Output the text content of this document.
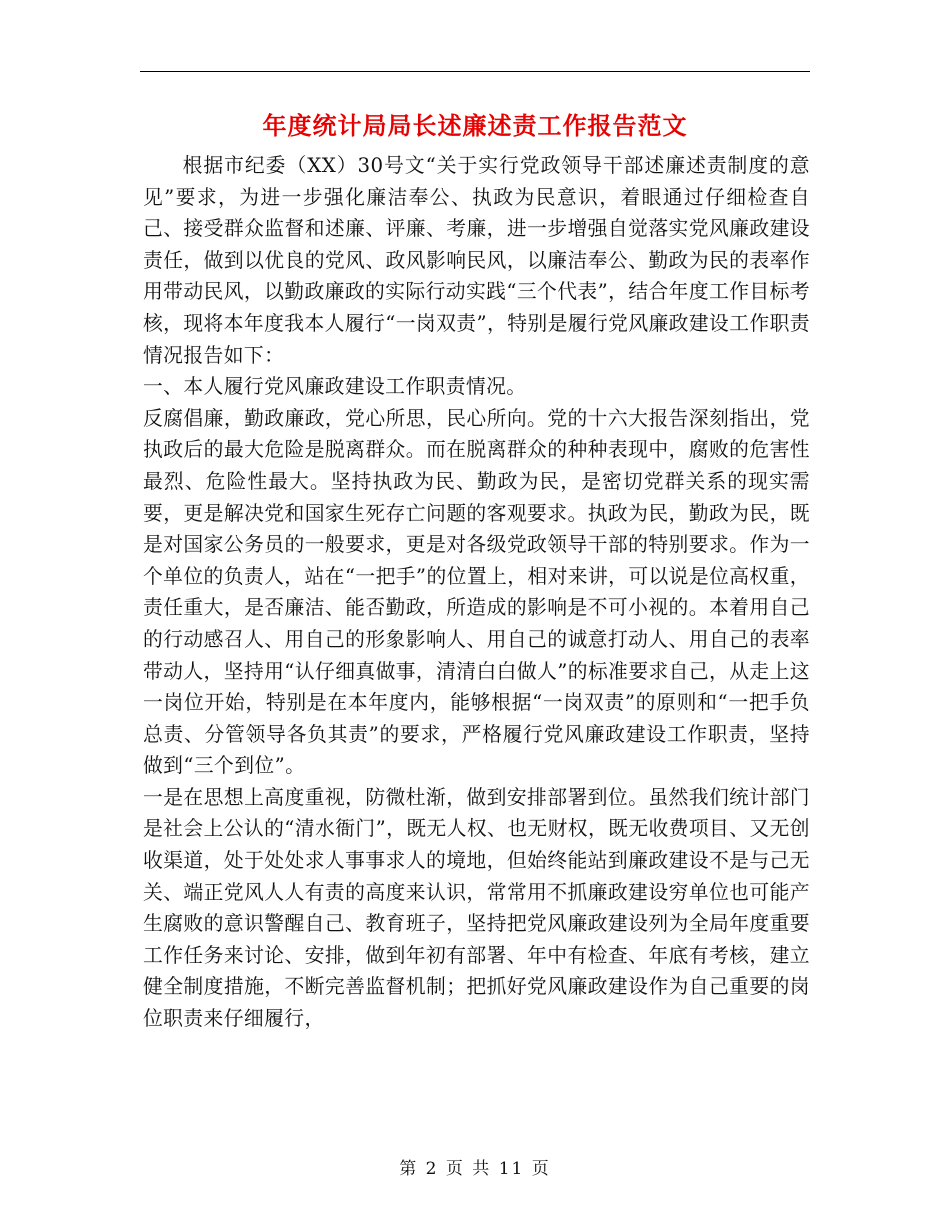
年度统计局局长述廉述责工作报告范文

根据市纪委（XX）30号文“关于实行党政领导干部述廉述责制度的意见”要求，为进一步强化廉洁奉公、执政为民意识，着眼通过仔细检查自己、接受群众监督和述廉、评廉、考廉，进一步增强自觉落实党风廉政建设责任，做到以优良的党风、政风影响民风，以廉洁奉公、勤政为民的表率作用带动民风，以勤政廉政的实际行动实践“三个代表”，结合年度工作目标考核，现将本年度我本人履行“一岗双责”，特别是履行党风廉政建设工作职责情况报告如下：

一、本人履行党风廉政建设工作职责情况。

反腐倡廉，勤政廉政，党心所思，民心所向。党的十六大报告深刻指出，党执政后的最大危险是脱离群众。而在脱离群众的种种表现中，腐败的危害性最烈、危险性最大。坚持执政为民、勤政为民，是密切党群关系的现实需要，更是解决党和国家生死存亡问题的客观要求。执政为民，勤政为民，既是对国家公务员的一般要求，更是对各级党政领导干部的特别要求。作为一个单位的负责人，站在“一把手”的位置上，相对来讲，可以说是位高权重，责任重大，是否廉洁、能否勤政，所造成的影响是不可小视的。本着用自己的行动感召人、用自己的形象影响人、用自己的诚意打动人、用自己的表率带动人，坚持用“认仔细真做事，清清白白做人”的标准要求自己，从走上这一岗位开始，特别是在本年度内，能够根据“一岗双责”的原则和“一把手负总责、分管领导各负其责”的要求，严格履行党风廉政建设工作职责，坚持做到“三个到位”。

一是在思想上高度重视，防微杜渐，做到安排部署到位。虽然我们统计部门是社会上公认的“清水衙门”，既无人权、也无财权，既无收费项目、又无创收渠道，处于处处求人事事求人的境地，但始终能站到廉政建设不是与己无关、端正党风人人有责的高度来认识，常常用不抓廉政建设穷单位也可能产生腐败的意识警醒自己、教育班子，坚持把党风廉政建设列为全局年度重要工作任务来讨论、安排，做到年初有部署、年中有检查、年底有考核，建立健全制度措施，不断完善监督机制；把抓好党风廉政建设作为自己重要的岗位职责来仔细履行，

第 2 页 共 11 页
